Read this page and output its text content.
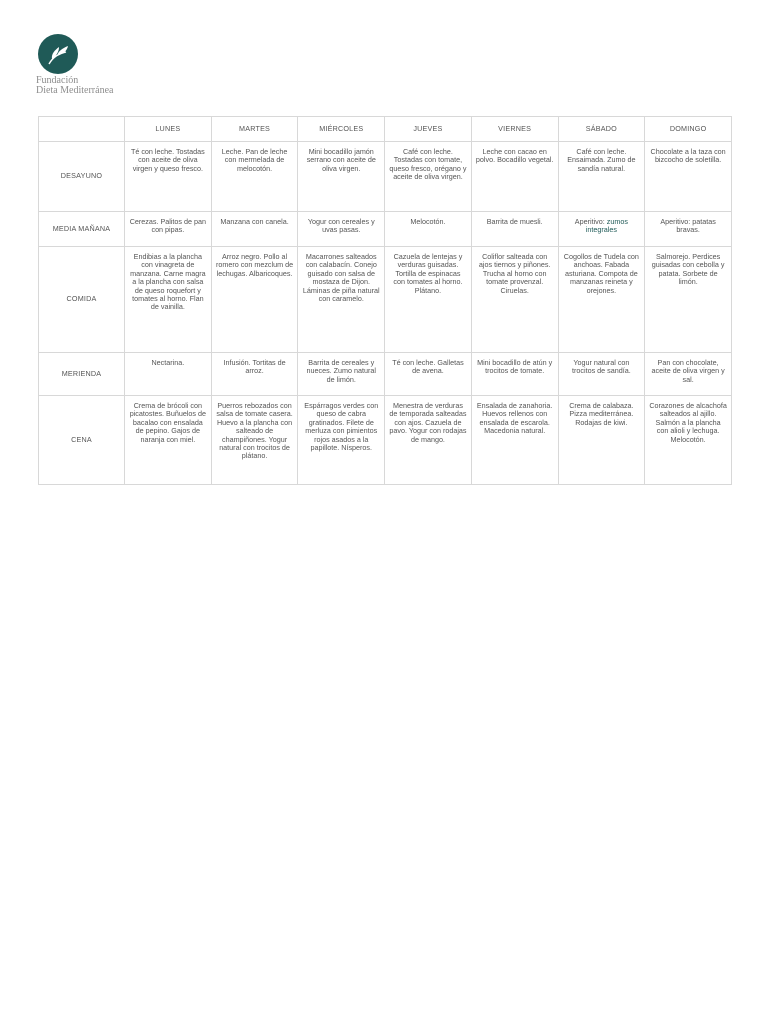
Fundación
Dieta Mediterránea
	LUNES	MARTES	MIÉRCOLES	JUEVES	VIERNES	SÁBADO	DOMINGO
DESAYUNO	Té con leche. Tostadas con aceite de oliva virgen y queso fresco.	Leche. Pan de leche con mermelada de melocotón.	Mini bocadillo jamón serrano con aceite de oliva virgen.	Café con leche. Tostadas con tomate, queso fresco, orégano y aceite de oliva virgen.	Leche con cacao en polvo. Bocadillo vegetal.	Café con leche. Ensaimada. Zumo de sandía natural.	Chocolate a la taza con bizcocho de soletilla.
MEDIA MAÑANA	Cerezas. Palitos de pan con pipas.	Manzana con canela.	Yogur con cereales y uvas pasas.	Melocotón.	Barrita de muesli.	Aperitivo: zumos integrales	Aperitivo: patatas bravas.
COMIDA	Endibias a la plancha con vinagreta de manzana. Carne magra a la plancha con salsa de queso roquefort y tomates al horno. Flan de vainilla.	Arroz negro. Pollo al romero con mezclum de lechugas. Albaricoques.	Macarrones salteados con calabacín. Conejo guisado con salsa de mostaza de Dijon. Láminas de piña natural con caramelo.	Cazuela de lentejas y verduras guisadas. Tortilla de espinacas con tomates al horno. Plátano.	Coliflor salteada con ajos tiernos y piñones. Trucha al horno con tomate provenzal. Ciruelas.	Cogollos de Tudela con anchoas. Fabada asturiana. Compota de manzanas reineta y orejones.	Salmorejo. Perdices guisadas con cebolla y patata. Sorbete de limón.
MERIENDA	Nectarina.	Infusión. Tortitas de arroz.	Barrita de cereales y nueces. Zumo natural de limón.	Té con leche. Galletas de avena.	Mini bocadillo de atún y trocitos de tomate.	Yogur natural con trocitos de sandía.	Pan con chocolate, aceite de oliva virgen y sal.
CENA	Crema de brócoli con picatostes. Buñuelos de bacalao con ensalada de pepino. Gajos de naranja con miel.	Puerros rebozados con salsa de tomate casera. Huevo a la plancha con salteado de champiñones. Yogur natural con trocitos de plátano.	Espárragos verdes con queso de cabra gratinados. Filete de merluza con pimientos rojos asados a la papillote. Nísperos.	Menestra de verduras de temporada salteadas con ajos. Cazuela de pavo. Yogur con rodajas de mango.	Ensalada de zanahoria. Huevos rellenos con ensalada de escarola. Macedonia natural.	Crema de calabaza. Pizza mediterránea. Rodajas de kiwi.	Corazones de alcachofa salteados al ajillo. Salmón a la plancha con alioli y lechuga. Melocotón.
